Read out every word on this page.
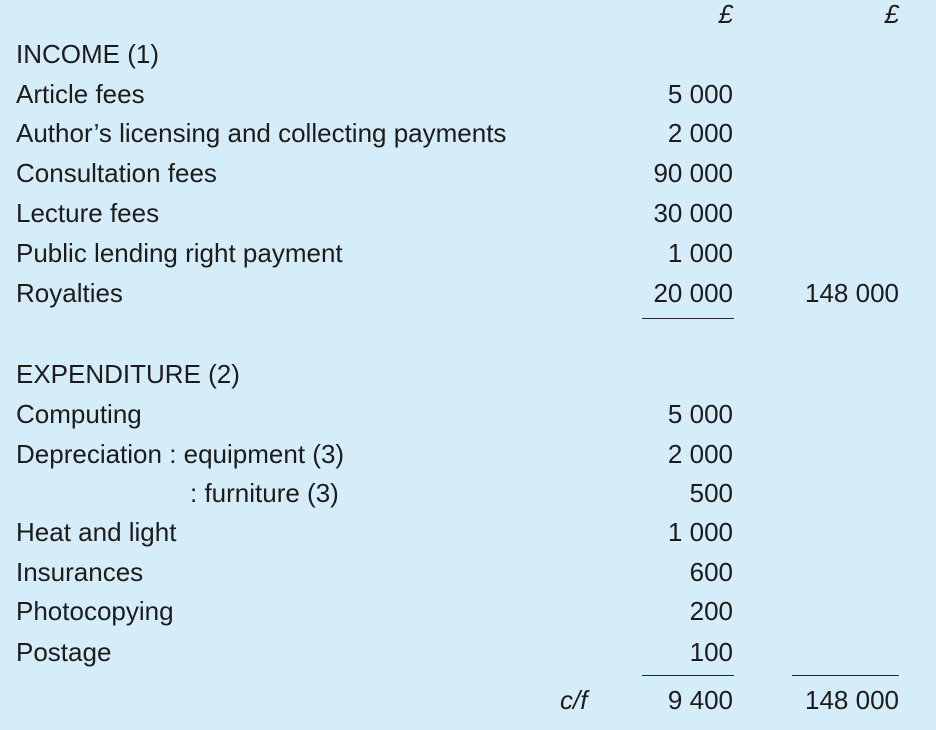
£	£
INCOME (1)
Article fees	5 000
Author’s licensing and collecting payments	2 000
Consultation fees	90 000
Lecture fees	30 000
Public lending right payment	1 000
Royalties	20 000	148 000
EXPENDITURE (2)
Computing	5 000
Depreciation : equipment (3)	2 000
: furniture (3)	500
Heat and light	1 000
Insurances	600
Photocopying	200
Postage	100
c/f	9 400	148 000
